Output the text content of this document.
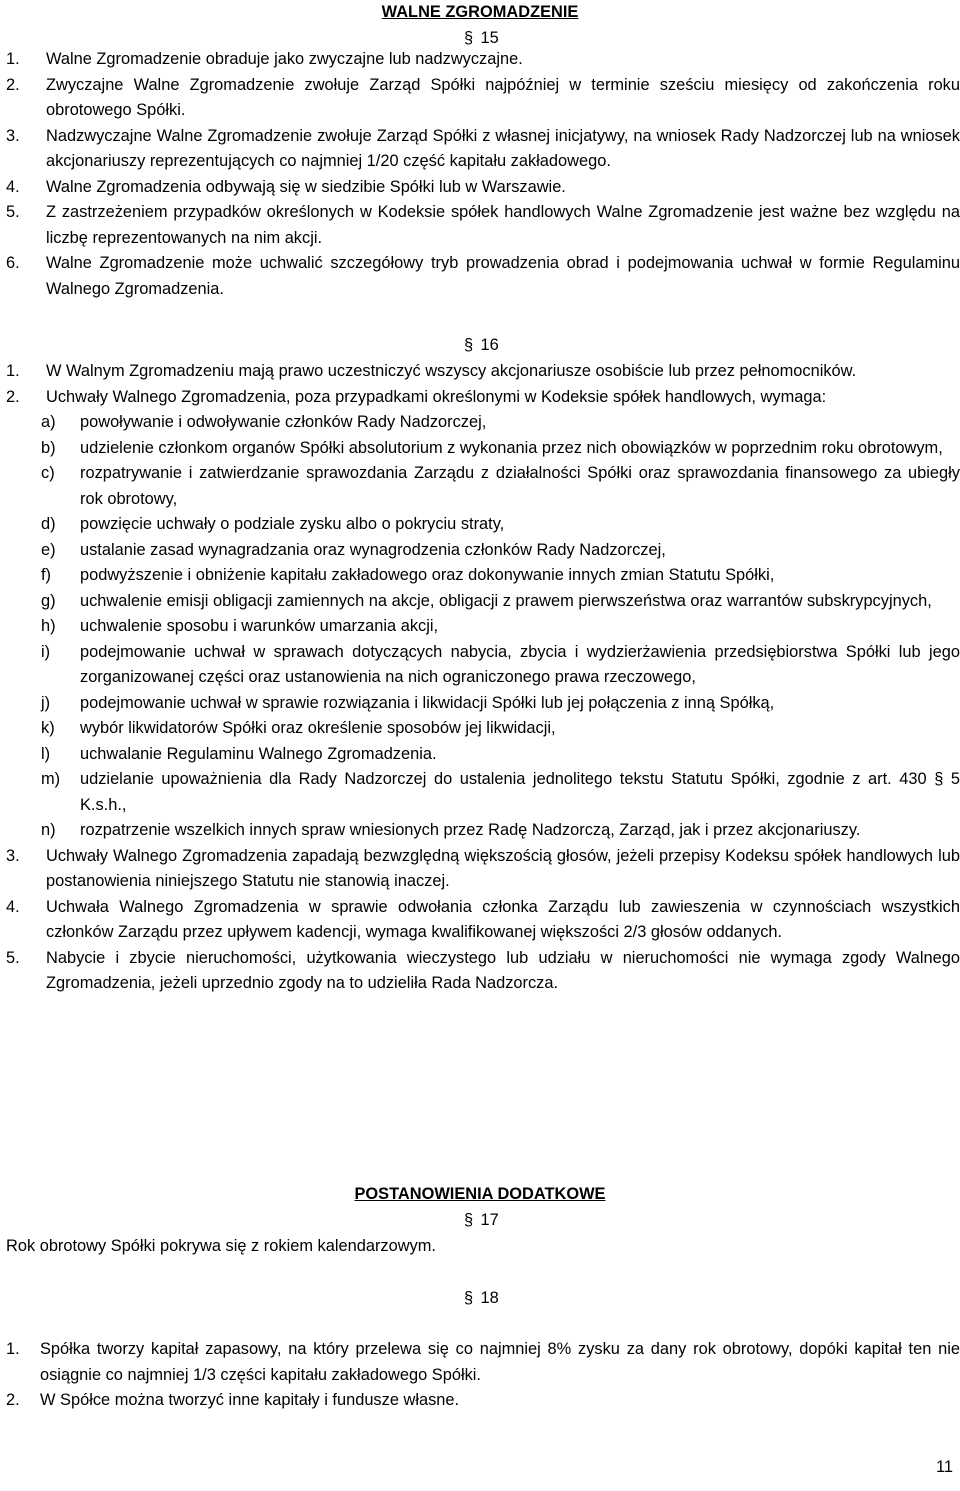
WALNE ZGROMADZENIE
§ 15
1. Walne Zgromadzenie obraduje jako zwyczajne lub nadzwyczajne.
2. Zwyczajne Walne Zgromadzenie zwołuje Zarząd Spółki najpóźniej w terminie sześciu miesięcy od zakończenia roku obrotowego Spółki.
3. Nadzwyczajne Walne Zgromadzenie zwołuje Zarząd Spółki z własnej inicjatywy, na wniosek Rady Nadzorczej lub na wniosek akcjonariuszy reprezentujących co najmniej 1/20 część kapitału zakładowego.
4. Walne Zgromadzenia odbywają się w siedzibie Spółki lub w Warszawie.
5. Z zastrzeżeniem przypadków określonych w Kodeksie spółek handlowych Walne Zgromadzenie jest ważne bez względu na liczbę reprezentowanych na nim akcji.
6. Walne Zgromadzenie może uchwalić szczegółowy tryb prowadzenia obrad i podejmowania uchwał w formie Regulaminu Walnego Zgromadzenia.
§ 16
1. W Walnym Zgromadzeniu mają prawo uczestniczyć wszyscy akcjonariusze osobiście lub przez pełnomocników.
2. Uchwały Walnego Zgromadzenia, poza przypadkami określonymi w Kodeksie spółek handlowych, wymaga:
a) powoływanie i odwoływanie członków Rady Nadzorczej,
b) udzielenie członkom organów Spółki absolutorium z wykonania przez nich obowiązków w poprzednim roku obrotowym,
c) rozpatrywanie i zatwierdzanie sprawozdania Zarządu z działalności Spółki oraz sprawozdania finansowego za ubiegły rok obrotowy,
d) powzięcie uchwały o podziale zysku albo o pokryciu straty,
e) ustalanie zasad wynagradzania oraz wynagrodzenia członków Rady Nadzorczej,
f) podwyższenie i obniżenie kapitału zakładowego oraz dokonywanie innych zmian Statutu Spółki,
g) uchwalenie emisji obligacji zamiennych na akcje, obligacji z prawem pierwszeństwa oraz warrantów subskrypcyjnych,
h) uchwalenie sposobu i warunków umarzania akcji,
i) podejmowanie uchwał w sprawach dotyczących nabycia, zbycia i wydzierżawienia przedsiębiorstwa Spółki lub jego zorganizowanej części oraz ustanowienia na nich ograniczonego prawa rzeczowego,
j) podejmowanie uchwał w sprawie rozwiązania i likwidacji Spółki lub jej połączenia z inną Spółką,
k) wybór likwidatorów Spółki oraz określenie sposobów jej likwidacji,
l) uchwalanie Regulaminu Walnego Zgromadzenia.
m) udzielanie upoważnienia dla Rady Nadzorczej do ustalenia jednolitego tekstu Statutu Spółki, zgodnie z art. 430 § 5 K.s.h.,
n) rozpatrzenie wszelkich innych spraw wniesionych przez Radę Nadzorczą, Zarząd, jak i przez akcjonariuszy.
3. Uchwały Walnego Zgromadzenia zapadają bezwzględną większością głosów, jeżeli przepisy Kodeksu spółek handlowych lub postanowienia niniejszego Statutu nie stanowią inaczej.
4. Uchwała Walnego Zgromadzenia w sprawie odwołania członka Zarządu lub zawieszenia w czynnościach wszystkich członków Zarządu przez upływem kadencji, wymaga kwalifikowanej większości 2/3 głosów oddanych.
5. Nabycie i zbycie nieruchomości, użytkowania wieczystego lub udziału w nieruchomości nie wymaga zgody Walnego Zgromadzenia, jeżeli uprzednio zgody na to udzieliła Rada Nadzorcza.
POSTANOWIENIA DODATKOWE
§ 17
Rok obrotowy Spółki pokrywa się z rokiem kalendarzowym.
§ 18
1. Spółka tworzy kapitał zapasowy, na który przelewa się co najmniej 8% zysku za dany rok obrotowy, dopóki kapitał ten nie osiągnie co najmniej 1/3 części kapitału zakładowego Spółki.
2. W Spółce można tworzyć inne kapitały i fundusze własne.
11
